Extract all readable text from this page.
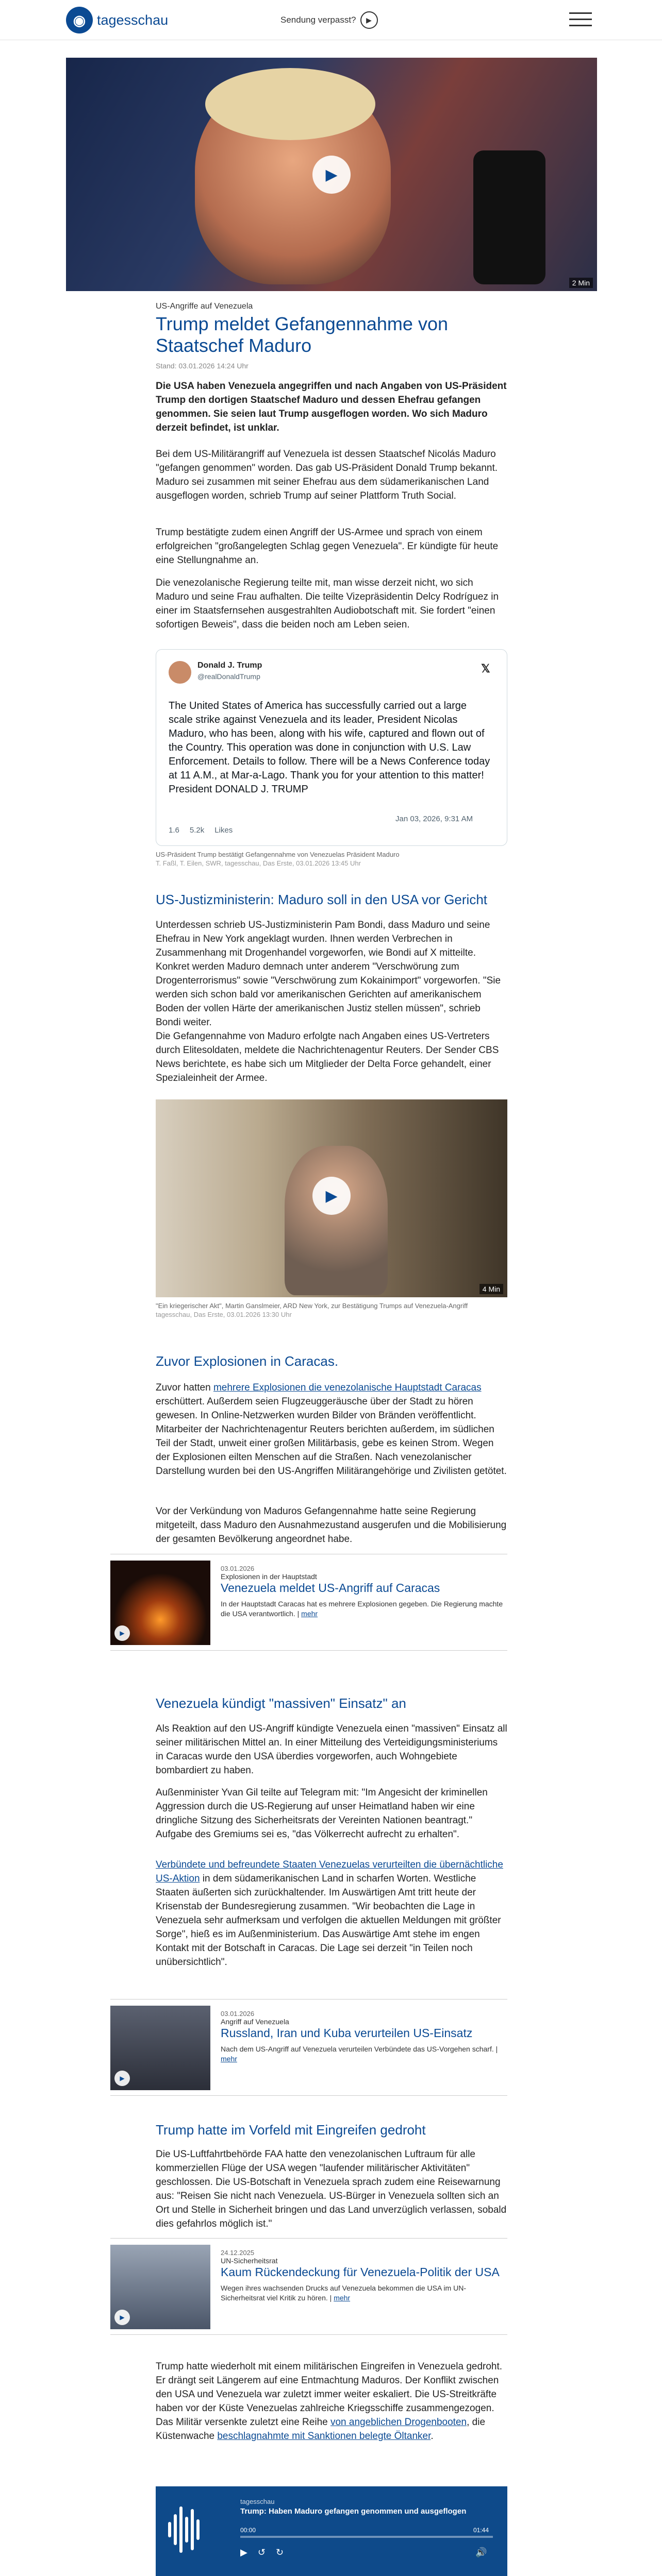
◉ tagesschau	Sendung verpasst?	▶
▶
2 Min
US-Angriffe auf Venezuela
Trump meldet Gefangennahme von Staatschef Maduro
Stand: 03.01.2026 14:24 Uhr
Die USA haben Venezuela angegriffen und nach Angaben von US-Präsident Trump den dortigen Staatschef Maduro und dessen Ehefrau gefangen genommen. Sie seien laut Trump ausgeflogen worden. Wo sich Maduro derzeit befindet, ist unklar.
Bei dem US-Militärangriff auf Venezuela ist dessen Staatschef Nicolás Maduro "gefangen genommen" worden. Das gab US-Präsident Donald Trump bekannt. Maduro sei zusammen mit seiner Ehefrau aus dem südamerikanischen Land ausgeflogen worden, schrieb Trump auf seiner Plattform Truth Social.
Trump bestätigte zudem einen Angriff der US-Armee und sprach von einem erfolgreichen "großangelegten Schlag gegen Venezuela". Er kündigte für heute eine Stellungnahme an.
Die venezolanische Regierung teilte mit, man wisse derzeit nicht, wo sich Maduro und seine Frau aufhalten. Die teilte Vizepräsidentin Delcy Rodríguez in einer im Staatsfernsehen ausgestrahlten Audiobotschaft mit. Sie fordert "einen sofortigen Beweis", dass die beiden noch am Leben seien.
Donald J. Trump
@realDonaldTrump
𝕏
The United States of America has successfully carried out a large scale strike against Venezuela and its leader, President Nicolas Maduro, who has been, along with his wife, captured and flown out of the Country. This operation was done in conjunction with U.S. Law Enforcement. Details to follow. There will be a News Conference today at 11 A.M., at Mar-a-Lago. Thank you for your attention to this matter! President DONALD J. TRUMP
Jan 03, 2026, 9:31 AM
1.6 5.2k Likes
US-Präsident Trump bestätigt Gefangennahme von Venezuelas Präsident Maduro
T. Faßl, T. Eilen, SWR, tagesschau, Das Erste, 03.01.2026 13:45 Uhr
US-Justizministerin: Maduro soll in den USA vor Gericht
Unterdessen schrieb US-Justizministerin Pam Bondi, dass Maduro und seine Ehefrau in New York angeklagt wurden. Ihnen werden Verbrechen in Zusammenhang mit Drogenhandel vorgeworfen, wie Bondi auf X mitteilte. Konkret werden Maduro demnach unter anderem "Verschwörung zum Drogenterrorismus" sowie "Verschwörung zum Kokainimport" vorgeworfen. "Sie werden sich schon bald vor amerikanischen Gerichten auf amerikanischem Boden der vollen Härte der amerikanischen Justiz stellen müssen", schrieb Bondi weiter.
Die Gefangennahme von Maduro erfolgte nach Angaben eines US-Vertreters durch Elitesoldaten, meldete die Nachrichtenagentur Reuters. Der Sender CBS News berichtete, es habe sich um Mitglieder der Delta Force gehandelt, einer Spezialeinheit der Armee.
▶
4 Min
"Ein kriegerischer Akt", Martin Ganslmeier, ARD New York, zur Bestätigung Trumps auf Venezuela-Angriff
tagesschau, Das Erste, 03.01.2026 13:30 Uhr
Zuvor Explosionen in Caracas.
Zuvor hatten mehrere Explosionen die venezolanische Hauptstadt Caracas erschüttert. Außerdem seien Flugzeuggeräusche über der Stadt zu hören gewesen. In Online-Netzwerken wurden Bilder von Bränden veröffentlicht. Mitarbeiter der Nachrichtenagentur Reuters berichten außerdem, im südlichen Teil der Stadt, unweit einer großen Militärbasis, gebe es keinen Strom. Wegen der Explosionen eilten Menschen auf die Straßen. Nach venezolanischer Darstellung wurden bei den US-Angriffen Militärangehörige und Zivilisten getötet.
Vor der Verkündung von Maduros Gefangennahme hatte seine Regierung mitgeteilt, dass Maduro den Ausnahmezustand ausgerufen und die Mobilisierung der gesamten Bevölkerung angeordnet habe.
▶
03.01.2026
Explosionen in der Hauptstadt
Venezuela meldet US-Angriff auf Caracas
In der Hauptstadt Caracas hat es mehrere Explosionen gegeben. Die Regierung machte die USA verantwortlich. | mehr
Venezuela kündigt "massiven" Einsatz" an
Als Reaktion auf den US-Angriff kündigte Venezuela einen "massiven" Einsatz all seiner militärischen Mittel an. In einer Mitteilung des Verteidigungsministeriums in Caracas wurde den USA überdies vorgeworfen, auch Wohngebiete bombardiert zu haben.
Außenminister Yvan Gil teilte auf Telegram mit: "Im Angesicht der kriminellen Aggression durch die US-Regierung auf unser Heimatland haben wir eine dringliche Sitzung des Sicherheitsrats der Vereinten Nationen beantragt." Aufgabe des Gremiums sei es, "das Völkerrecht aufrecht zu erhalten".
Verbündete und befreundete Staaten Venezuelas verurteilten die übernächtliche US-Aktion in dem südamerikanischen Land in scharfen Worten. Westliche Staaten äußerten sich zurückhaltender. Im Auswärtigen Amt tritt heute der Krisenstab der Bundesregierung zusammen. "Wir beobachten die Lage in Venezuela sehr aufmerksam und verfolgen die aktuellen Meldungen mit größter Sorge", hieß es im Außenministerium. Das Auswärtige Amt stehe im engen Kontakt mit der Botschaft in Caracas. Die Lage sei derzeit "in Teilen noch unübersichtlich".
▶
03.01.2026
Angriff auf Venezuela
Russland, Iran und Kuba verurteilen US-Einsatz
Nach dem US-Angriff auf Venezuela verurteilen Verbündete das US-Vorgehen scharf. | mehr
Trump hatte im Vorfeld mit Eingreifen gedroht
Die US-Luftfahrtbehörde FAA hatte den venezolanischen Luftraum für alle kommerziellen Flüge der USA wegen "laufender militärischer Aktivitäten" geschlossen. Die US-Botschaft in Venezuela sprach zudem eine Reisewarnung aus: "Reisen Sie nicht nach Venezuela. US-Bürger in Venezuela sollten sich an Ort und Stelle in Sicherheit bringen und das Land unverzüglich verlassen, sobald dies gefahrlos möglich ist."
▶
24.12.2025
UN-Sicherheitsrat
Kaum Rückendeckung für Venezuela-Politik der USA
Wegen ihres wachsenden Drucks auf Venezuela bekommen die USA im UN-Sicherheitsrat viel Kritik zu hören. | mehr
Trump hatte wiederholt mit einem militärischen Eingreifen in Venezuela gedroht. Er drängt seit Längerem auf eine Entmachtung Maduros. Der Konflikt zwischen den USA und Venezuela war zuletzt immer weiter eskaliert. Die US-Streitkräfte haben vor der Küste Venezuelas zahlreiche Kriegsschiffe zusammengezogen. Das Militär versenkte zuletzt eine Reihe von angeblichen Drogenbooten, die Küstenwache beschlagnahmte mit Sanktionen belegte Öltanker.
tagesschau
Trump: Haben Maduro gefangen genommen und ausgeflogen
00:00	01:44
▶ ↺ ↻	🔊
